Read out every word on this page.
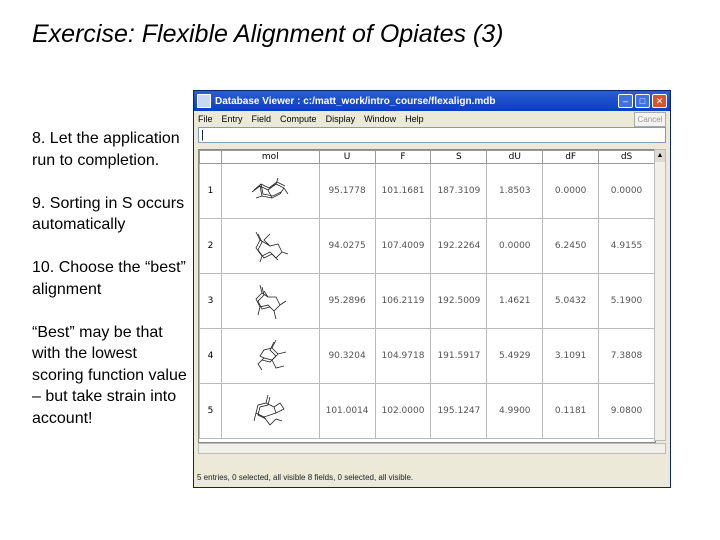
Exercise: Flexible Alignment of Opiates (3)

8. Let the application run to completion.

9. Sorting in S occurs automatically

10. Choose the “best” alignment

“Best” may be that with the lowest scoring function value – but take strain into account!

Database Viewer : c:/matt_work/intro_course/flexalign.mdb	–	□	✕
File Entry Field Compute Display Window Help	Cancel
|
	mol	U	F	S	dU	dF	dS
1		95.1778	101.1681	187.3109	1.8503	0.0000	0.0000
2		94.0275	107.4009	192.2264	0.0000	6.2450	4.9155
3		95.2896	106.2119	192.5009	1.4621	5.0432	5.1900
4		90.3204	104.9718	191.5917	5.4929	3.1091	7.3808
5		101.0014	102.0000	195.1247	4.9900	0.1181	9.0800
▲
5 entries, 0 selected, all visible 8 fields, 0 selected, all visible.
